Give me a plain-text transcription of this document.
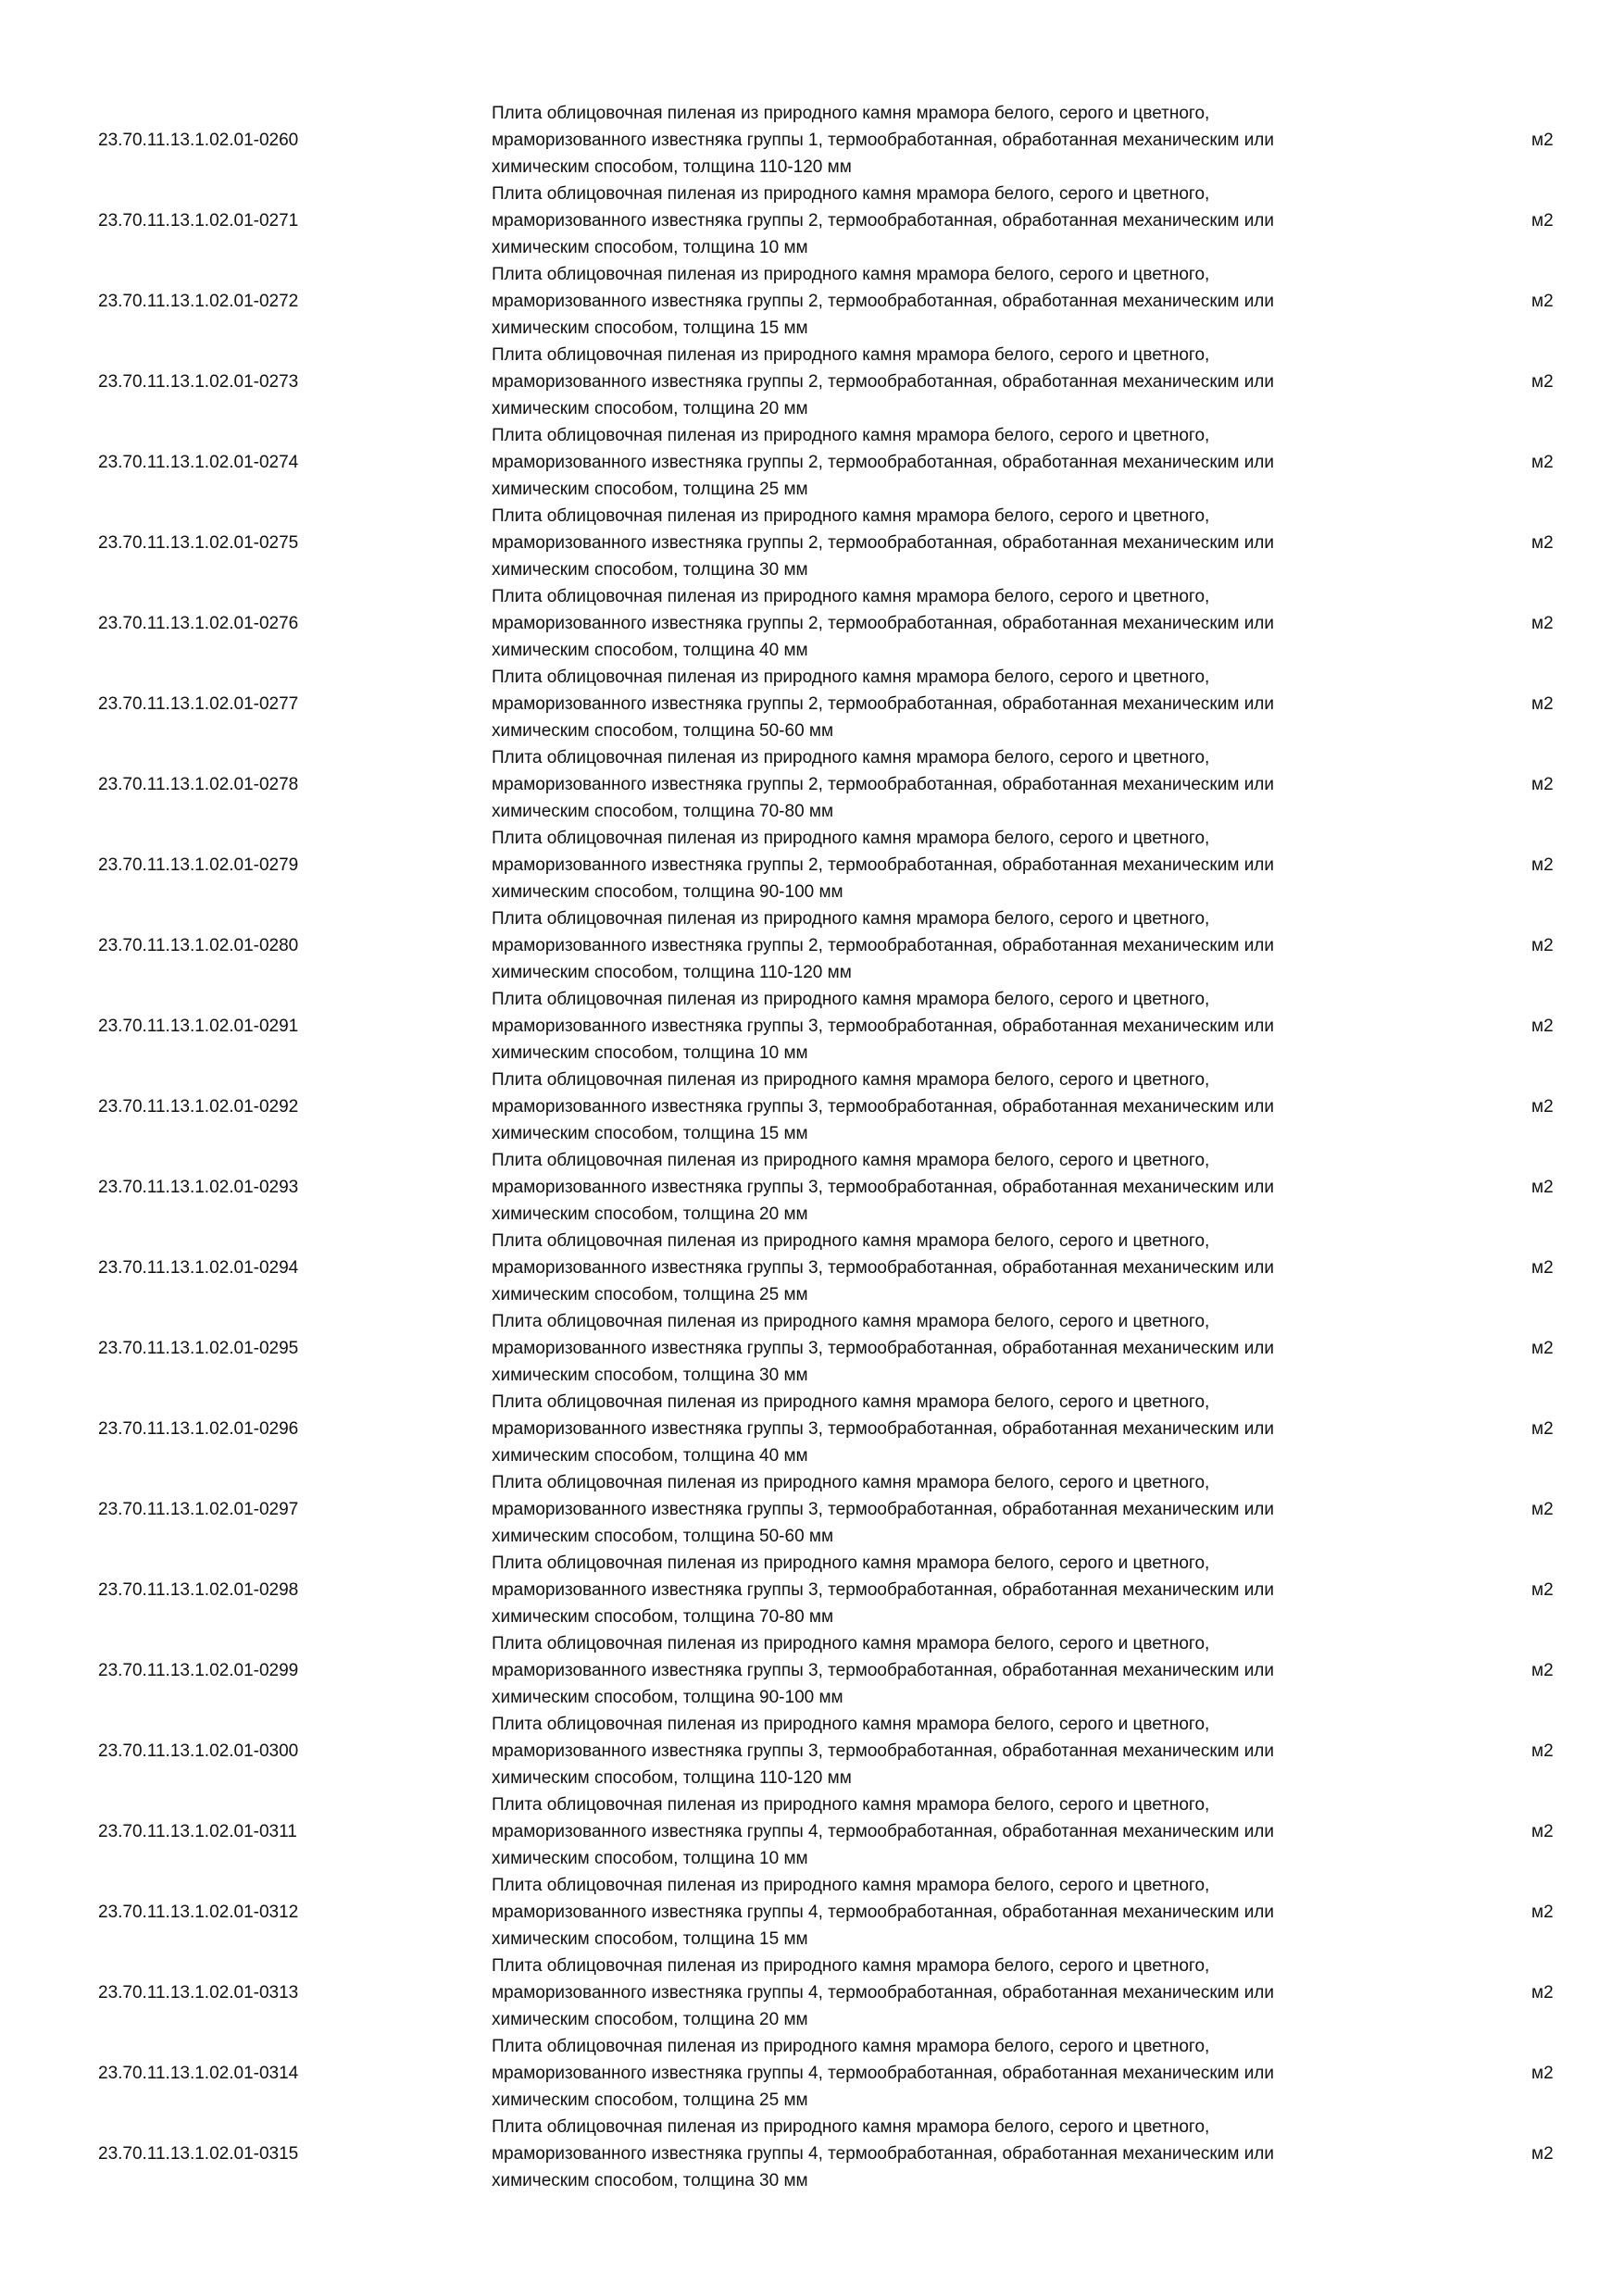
23.70.11.13.1.02.01-0260
Плита облицовочная пиленая из природного камня мрамора белого, серого и цветного,
мраморизованного известняка группы 1, термообработанная, обработанная механическим или
химическим способом, толщина 110-120 мм
м2
23.70.11.13.1.02.01-0271
Плита облицовочная пиленая из природного камня мрамора белого, серого и цветного,
мраморизованного известняка группы 2, термообработанная, обработанная механическим или
химическим способом, толщина 10 мм
м2
23.70.11.13.1.02.01-0272
Плита облицовочная пиленая из природного камня мрамора белого, серого и цветного,
мраморизованного известняка группы 2, термообработанная, обработанная механическим или
химическим способом, толщина 15 мм
м2
23.70.11.13.1.02.01-0273
Плита облицовочная пиленая из природного камня мрамора белого, серого и цветного,
мраморизованного известняка группы 2, термообработанная, обработанная механическим или
химическим способом, толщина 20 мм
м2
23.70.11.13.1.02.01-0274
Плита облицовочная пиленая из природного камня мрамора белого, серого и цветного,
мраморизованного известняка группы 2, термообработанная, обработанная механическим или
химическим способом, толщина 25 мм
м2
23.70.11.13.1.02.01-0275
Плита облицовочная пиленая из природного камня мрамора белого, серого и цветного,
мраморизованного известняка группы 2, термообработанная, обработанная механическим или
химическим способом, толщина 30 мм
м2
23.70.11.13.1.02.01-0276
Плита облицовочная пиленая из природного камня мрамора белого, серого и цветного,
мраморизованного известняка группы 2, термообработанная, обработанная механическим или
химическим способом, толщина 40 мм
м2
23.70.11.13.1.02.01-0277
Плита облицовочная пиленая из природного камня мрамора белого, серого и цветного,
мраморизованного известняка группы 2, термообработанная, обработанная механическим или
химическим способом, толщина 50-60 мм
м2
23.70.11.13.1.02.01-0278
Плита облицовочная пиленая из природного камня мрамора белого, серого и цветного,
мраморизованного известняка группы 2, термообработанная, обработанная механическим или
химическим способом, толщина 70-80 мм
м2
23.70.11.13.1.02.01-0279
Плита облицовочная пиленая из природного камня мрамора белого, серого и цветного,
мраморизованного известняка группы 2, термообработанная, обработанная механическим или
химическим способом, толщина 90-100 мм
м2
23.70.11.13.1.02.01-0280
Плита облицовочная пиленая из природного камня мрамора белого, серого и цветного,
мраморизованного известняка группы 2, термообработанная, обработанная механическим или
химическим способом, толщина 110-120 мм
м2
23.70.11.13.1.02.01-0291
Плита облицовочная пиленая из природного камня мрамора белого, серого и цветного,
мраморизованного известняка группы 3, термообработанная, обработанная механическим или
химическим способом, толщина 10 мм
м2
23.70.11.13.1.02.01-0292
Плита облицовочная пиленая из природного камня мрамора белого, серого и цветного,
мраморизованного известняка группы 3, термообработанная, обработанная механическим или
химическим способом, толщина 15 мм
м2
23.70.11.13.1.02.01-0293
Плита облицовочная пиленая из природного камня мрамора белого, серого и цветного,
мраморизованного известняка группы 3, термообработанная, обработанная механическим или
химическим способом, толщина 20 мм
м2
23.70.11.13.1.02.01-0294
Плита облицовочная пиленая из природного камня мрамора белого, серого и цветного,
мраморизованного известняка группы 3, термообработанная, обработанная механическим или
химическим способом, толщина 25 мм
м2
23.70.11.13.1.02.01-0295
Плита облицовочная пиленая из природного камня мрамора белого, серого и цветного,
мраморизованного известняка группы 3, термообработанная, обработанная механическим или
химическим способом, толщина 30 мм
м2
23.70.11.13.1.02.01-0296
Плита облицовочная пиленая из природного камня мрамора белого, серого и цветного,
мраморизованного известняка группы 3, термообработанная, обработанная механическим или
химическим способом, толщина 40 мм
м2
23.70.11.13.1.02.01-0297
Плита облицовочная пиленая из природного камня мрамора белого, серого и цветного,
мраморизованного известняка группы 3, термообработанная, обработанная механическим или
химическим способом, толщина 50-60 мм
м2
23.70.11.13.1.02.01-0298
Плита облицовочная пиленая из природного камня мрамора белого, серого и цветного,
мраморизованного известняка группы 3, термообработанная, обработанная механическим или
химическим способом, толщина 70-80 мм
м2
23.70.11.13.1.02.01-0299
Плита облицовочная пиленая из природного камня мрамора белого, серого и цветного,
мраморизованного известняка группы 3, термообработанная, обработанная механическим или
химическим способом, толщина 90-100 мм
м2
23.70.11.13.1.02.01-0300
Плита облицовочная пиленая из природного камня мрамора белого, серого и цветного,
мраморизованного известняка группы 3, термообработанная, обработанная механическим или
химическим способом, толщина 110-120 мм
м2
23.70.11.13.1.02.01-0311
Плита облицовочная пиленая из природного камня мрамора белого, серого и цветного,
мраморизованного известняка группы 4, термообработанная, обработанная механическим или
химическим способом, толщина 10 мм
м2
23.70.11.13.1.02.01-0312
Плита облицовочная пиленая из природного камня мрамора белого, серого и цветного,
мраморизованного известняка группы 4, термообработанная, обработанная механическим или
химическим способом, толщина 15 мм
м2
23.70.11.13.1.02.01-0313
Плита облицовочная пиленая из природного камня мрамора белого, серого и цветного,
мраморизованного известняка группы 4, термообработанная, обработанная механическим или
химическим способом, толщина 20 мм
м2
23.70.11.13.1.02.01-0314
Плита облицовочная пиленая из природного камня мрамора белого, серого и цветного,
мраморизованного известняка группы 4, термообработанная, обработанная механическим или
химическим способом, толщина 25 мм
м2
23.70.11.13.1.02.01-0315
Плита облицовочная пиленая из природного камня мрамора белого, серого и цветного,
мраморизованного известняка группы 4, термообработанная, обработанная механическим или
химическим способом, толщина 30 мм
м2
